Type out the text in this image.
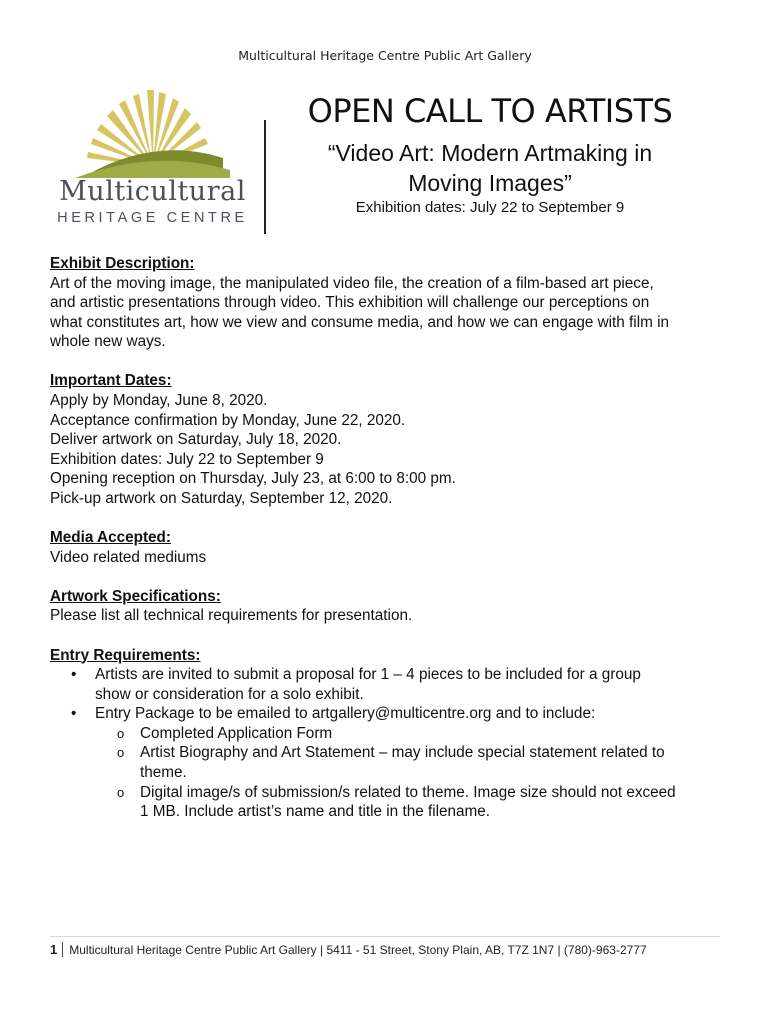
Multicultural Heritage Centre Public Art Gallery
Multicultural
HERITAGE CENTRE
OPEN CALL TO ARTISTS
“Video Art: Modern Artmaking in
Moving Images”
Exhibition dates: July 22 to September 9
Exhibit Description:
Art of the moving image, the manipulated video file, the creation of a film-based art piece,
and artistic presentations through video. This exhibition will challenge our perceptions on
what constitutes art, how we view and consume media, and how we can engage with film in
whole new ways.
Important Dates:
Apply by Monday, June 8, 2020.
Acceptance confirmation by Monday, June 22, 2020.
Deliver artwork on Saturday, July 18, 2020.
Exhibition dates: July 22 to September 9
Opening reception on Thursday, July 23, at 6:00 to 8:00 pm.
Pick-up artwork on Saturday, September 12, 2020.
Media Accepted:
Video related mediums
Artwork Specifications:
Please list all technical requirements for presentation.
Entry Requirements:
• Artists are invited to submit a proposal for 1 – 4 pieces to be included for a group
show or consideration for a solo exhibit.
• Entry Package to be emailed to artgallery@multicentre.org and to include:
o Completed Application Form
o Artist Biography and Art Statement – may include special statement related to
theme.
o Digital image/s of submission/s related to theme. Image size should not exceed
1 MB. Include artist’s name and title in the filename.
1 Multicultural Heritage Centre Public Art Gallery | 5411 - 51 Street, Stony Plain, AB, T7Z 1N7 | (780)-963-2777
